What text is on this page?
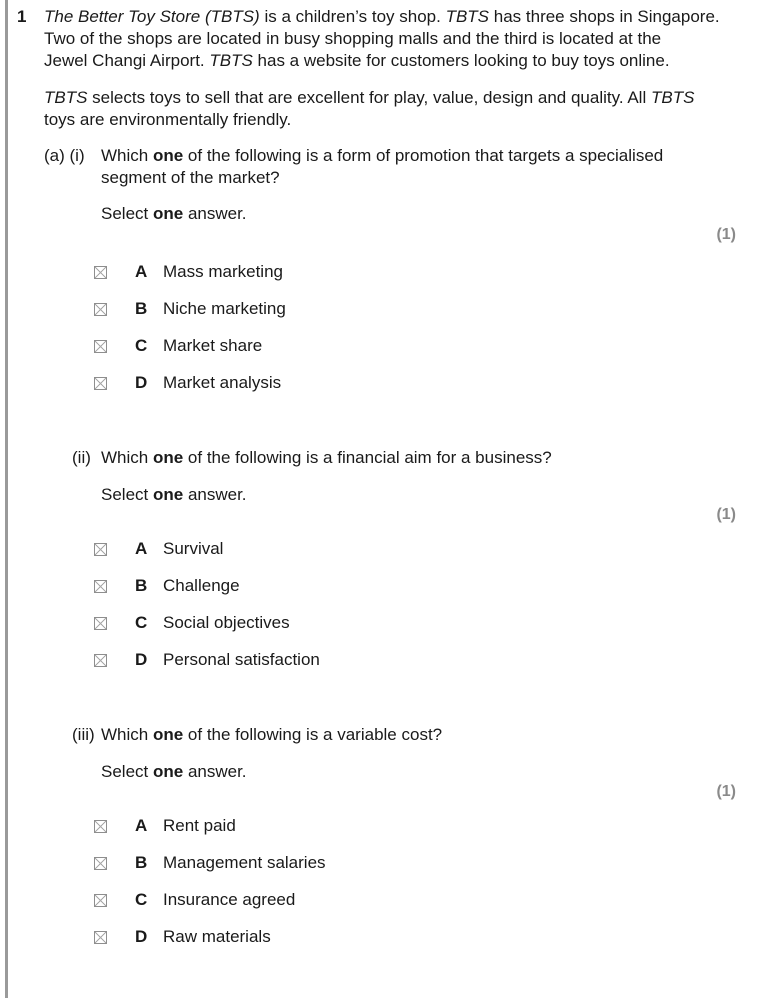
1 The Better Toy Store (TBTS) is a children’s toy shop. TBTS has three shops in Singapore.
Two of the shops are located in busy shopping malls and the third is located at the
Jewel Changi Airport. TBTS has a website for customers looking to buy toys online.
TBTS selects toys to sell that are excellent for play, value, design and quality. All TBTS
toys are environmentally friendly.
(a) (i) Which one of the following is a form of promotion that targets a specialised
segment of the market?
Select one answer.
(1)
A Mass marketing
B Niche marketing
C Market share
D Market analysis
(ii) Which one of the following is a financial aim for a business?
Select one answer.
(1)
A Survival
B Challenge
C Social objectives
D Personal satisfaction
(iii) Which one of the following is a variable cost?
Select one answer.
(1)
A Rent paid
B Management salaries
C Insurance agreed
D Raw materials
